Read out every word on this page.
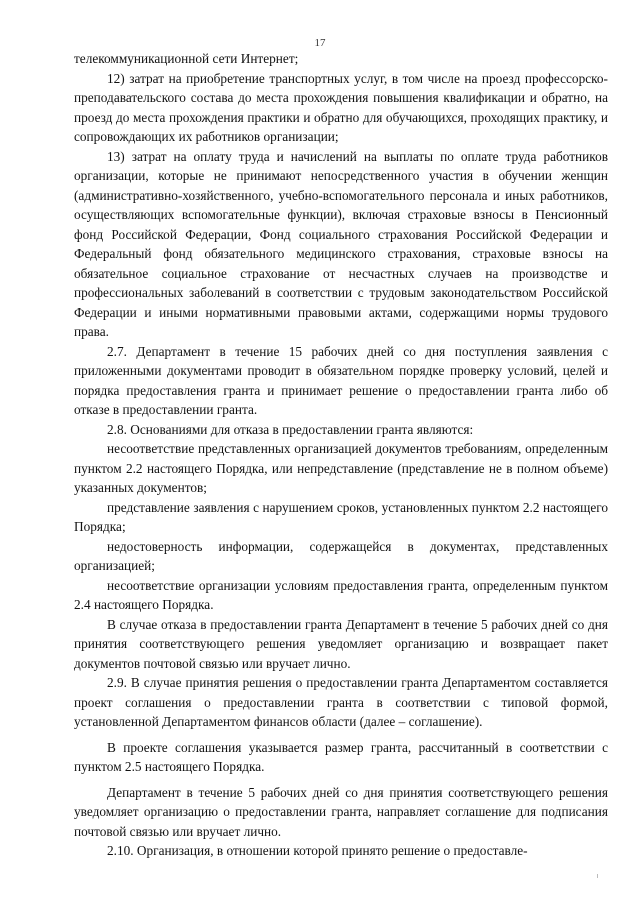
17

телекоммуникационной сети Интернет;

12) затрат на приобретение транспортных услуг, в том числе на проезд профессорско-преподавательского состава до места прохождения повышения квалификации и обратно, на проезд до места прохождения практики и обратно для обучающихся, проходящих практику, и сопровождающих их работников организации;

13) затрат на оплату труда и начислений на выплаты по оплате труда работников организации, которые не принимают непосредственного участия в обучении женщин (административно-хозяйственного, учебно-вспомогательного персонала и иных работников, осуществляющих вспомогательные функции), включая страховые взносы в Пенсионный фонд Российской Федерации, Фонд социального страхования Российской Федерации и Федеральный фонд обязательного медицинского страхования, страховые взносы на обязательное социальное страхование от несчастных случаев на производстве и профессиональных заболеваний в соответствии с трудовым законодательством Российской Федерации и иными нормативными правовыми актами, содержащими нормы трудового права.

2.7. Департамент в течение 15 рабочих дней со дня поступления заявления с приложенными документами проводит в обязательном порядке проверку условий, целей и порядка предоставления гранта и принимает решение о предоставлении гранта либо об отказе в предоставлении гранта.

2.8. Основаниями для отказа в предоставлении гранта являются:

несоответствие представленных организацией документов требованиям, определенным пунктом 2.2 настоящего Порядка, или непредставление (представление не в полном объеме) указанных документов;

представление заявления с нарушением сроков, установленных пунктом 2.2 настоящего Порядка;

недостоверность информации, содержащейся в документах, представленных организацией;

несоответствие организации условиям предоставления гранта, определенным пунктом 2.4 настоящего Порядка.

В случае отказа в предоставлении гранта Департамент в течение 5 рабочих дней со дня принятия соответствующего решения уведомляет организацию и возвращает пакет документов почтовой связью или вручает лично.

2.9. В случае принятия решения о предоставлении гранта Департаментом составляется проект соглашения о предоставлении гранта в соответствии с типовой формой, установленной Департаментом финансов области (далее – соглашение).

В проекте соглашения указывается размер гранта, рассчитанный в соответствии с пунктом 2.5 настоящего Порядка.

Департамент в течение 5 рабочих дней со дня принятия соответствующего решения уведомляет организацию о предоставлении гранта, направляет соглашение для подписания почтовой связью или вручает лично.

2.10. Организация, в отношении которой принято решение о предоставле-
